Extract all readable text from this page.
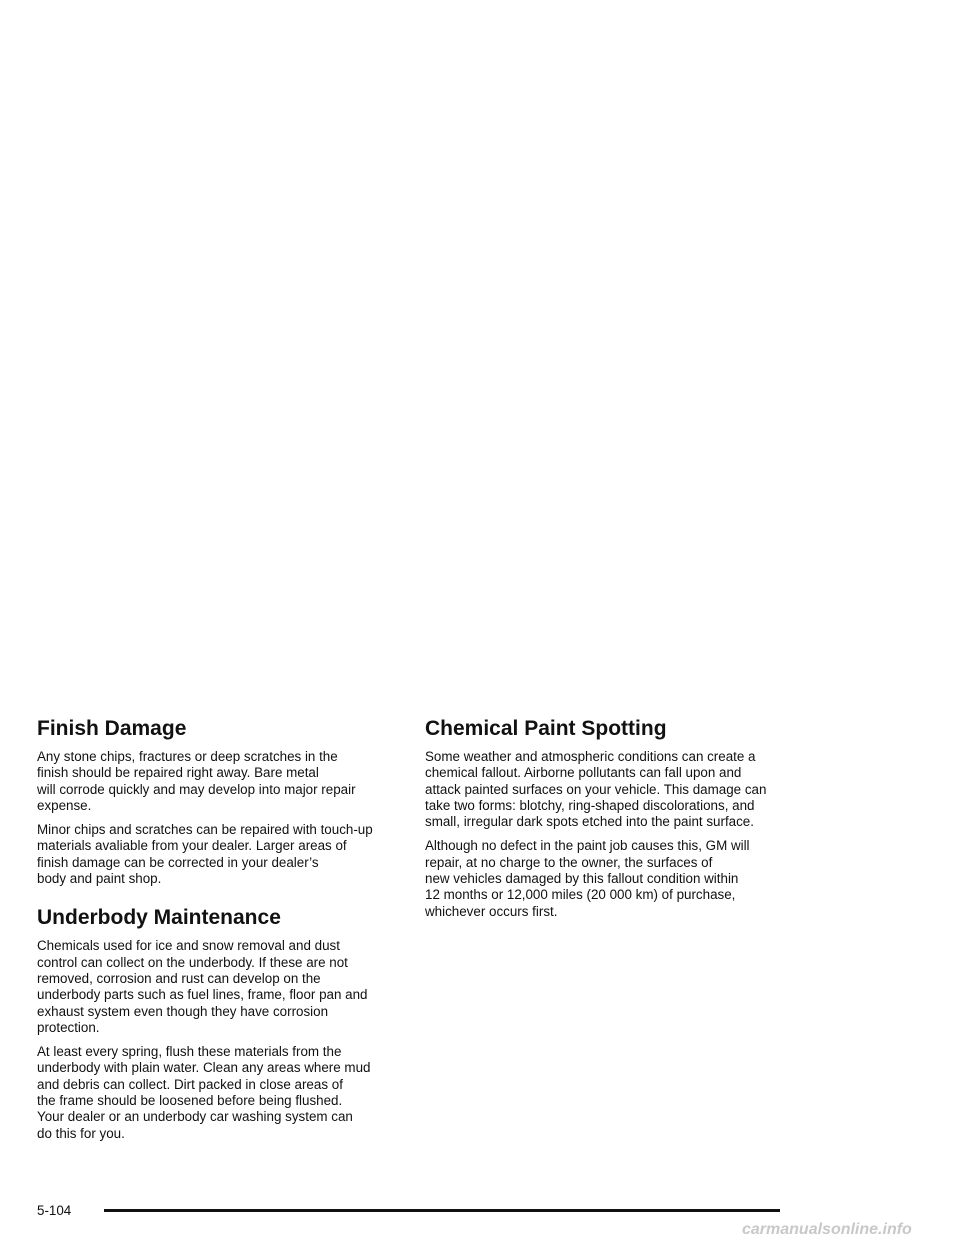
Finish Damage

Any stone chips, fractures or deep scratches in the
finish should be repaired right away. Bare metal
will corrode quickly and may develop into major repair
expense.

Minor chips and scratches can be repaired with touch-up
materials avaliable from your dealer. Larger areas of
finish damage can be corrected in your dealer’s
body and paint shop.

Underbody Maintenance

Chemicals used for ice and snow removal and dust
control can collect on the underbody. If these are not
removed, corrosion and rust can develop on the
underbody parts such as fuel lines, frame, floor pan and
exhaust system even though they have corrosion
protection.

At least every spring, flush these materials from the
underbody with plain water. Clean any areas where mud
and debris can collect. Dirt packed in close areas of
the frame should be loosened before being flushed.
Your dealer or an underbody car washing system can
do this for you.

Chemical Paint Spotting

Some weather and atmospheric conditions can create a
chemical fallout. Airborne pollutants can fall upon and
attack painted surfaces on your vehicle. This damage can
take two forms: blotchy, ring-shaped discolorations, and
small, irregular dark spots etched into the paint surface.

Although no defect in the paint job causes this, GM will
repair, at no charge to the owner, the surfaces of
new vehicles damaged by this fallout condition within
12 months or 12,000 miles (20 000 km) of purchase,
whichever occurs first.

5-104
carmanualsonline.info
